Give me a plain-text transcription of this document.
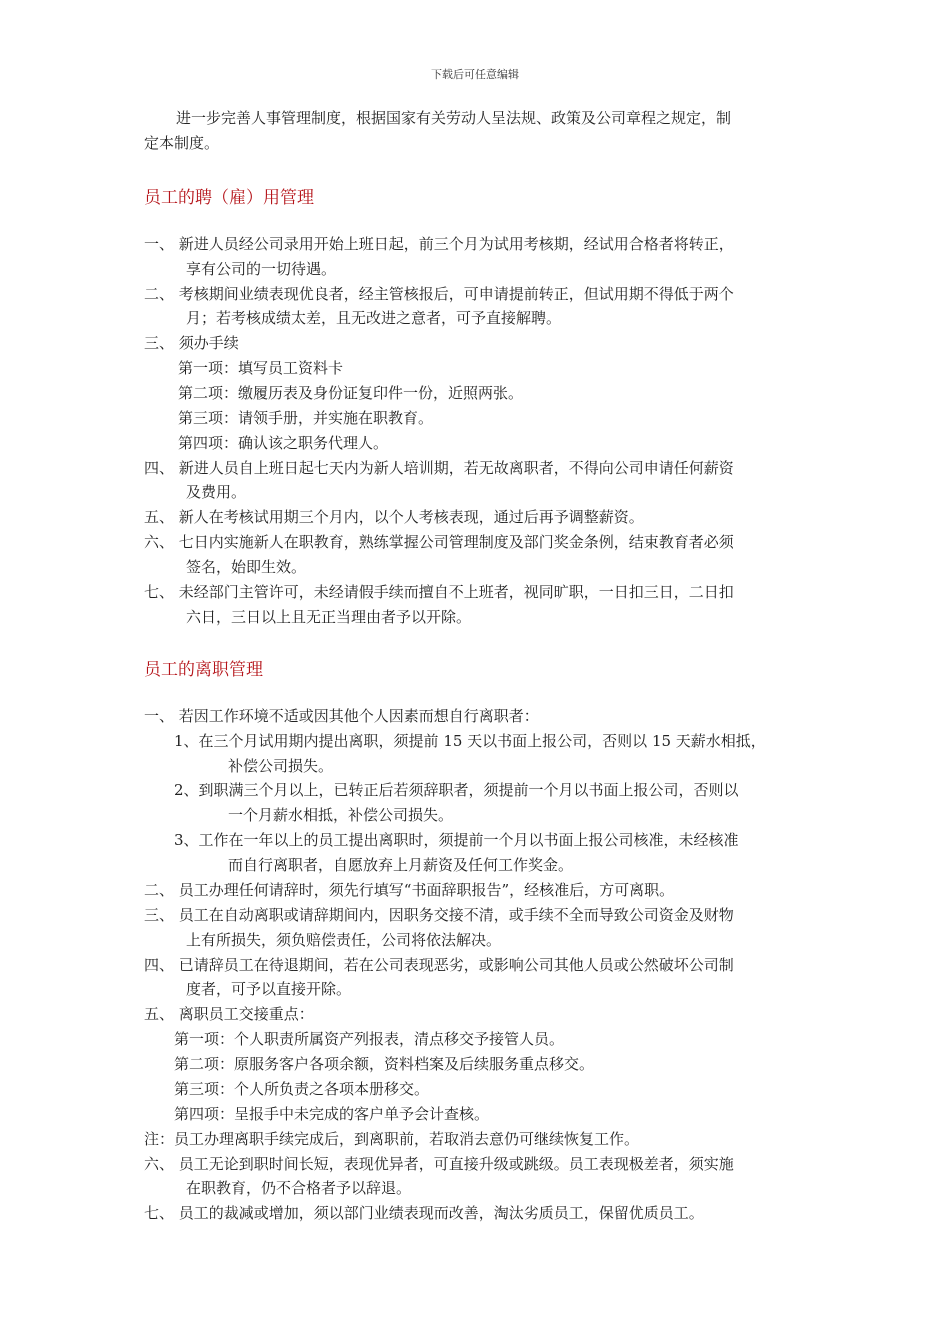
下载后可任意编辑
进一步完善人事管理制度，根据国家有关劳动人呈法规、政策及公司章程之规定，制
定本制度。
员工的聘（雇）用管理
一、 新进人员经公司录用开始上班日起，前三个月为试用考核期，经试用合格者将转正，
享有公司的一切待遇。
二、 考核期间业绩表现优良者，经主管核报后，可申请提前转正，但试用期不得低于两个
月；若考核成绩太差，且无改进之意者，可予直接解聘。
三、 须办手续
第一项：填写员工资料卡
第二项：缴履历表及身份证复印件一份，近照两张。
第三项：请领手册，并实施在职教育。
第四项：确认该之职务代理人。
四、 新进人员自上班日起七天内为新人培训期，若无故离职者，不得向公司申请任何薪资
及费用。
五、 新人在考核试用期三个月内，以个人考核表现，通过后再予调整薪资。
六、 七日内实施新人在职教育，熟练掌握公司管理制度及部门奖金条例，结束教育者必须
签名，始即生效。
七、 未经部门主管许可，未经请假手续而擅自不上班者，视同旷职，一日扣三日，二日扣
六日，三日以上且无正当理由者予以开除。
员工的离职管理
一、 若因工作环境不适或因其他个人因素而想自行离职者：
1、在三个月试用期内提出离职，须提前 15 天以书面上报公司，否则以 15 天薪水相抵，
补偿公司损失。
2、到职满三个月以上，已转正后若须辞职者，须提前一个月以书面上报公司，否则以
一个月薪水相抵，补偿公司损失。
3、工作在一年以上的员工提出离职时，须提前一个月以书面上报公司核准，未经核准
而自行离职者，自愿放弃上月薪资及任何工作奖金。
二、 员工办理任何请辞时，须先行填写“书面辞职报告”，经核准后，方可离职。
三、 员工在自动离职或请辞期间内，因职务交接不清，或手续不全而导致公司资金及财物
上有所损失，须负赔偿责任，公司将依法解决。
四、 已请辞员工在待退期间，若在公司表现恶劣，或影响公司其他人员或公然破坏公司制
度者，可予以直接开除。
五、 离职员工交接重点：
第一项：个人职责所属资产列报表，清点移交予接管人员。
第二项：原服务客户各项余额，资料档案及后续服务重点移交。
第三项：个人所负责之各项本册移交。
第四项：呈报手中未完成的客户单予会计查核。
注：员工办理离职手续完成后，到离职前，若取消去意仍可继续恢复工作。
六、 员工无论到职时间长短，表现优异者，可直接升级或跳级。员工表现极差者，须实施
在职教育，仍不合格者予以辞退。
七、 员工的裁减或增加，须以部门业绩表现而改善，淘汰劣质员工，保留优质员工。
